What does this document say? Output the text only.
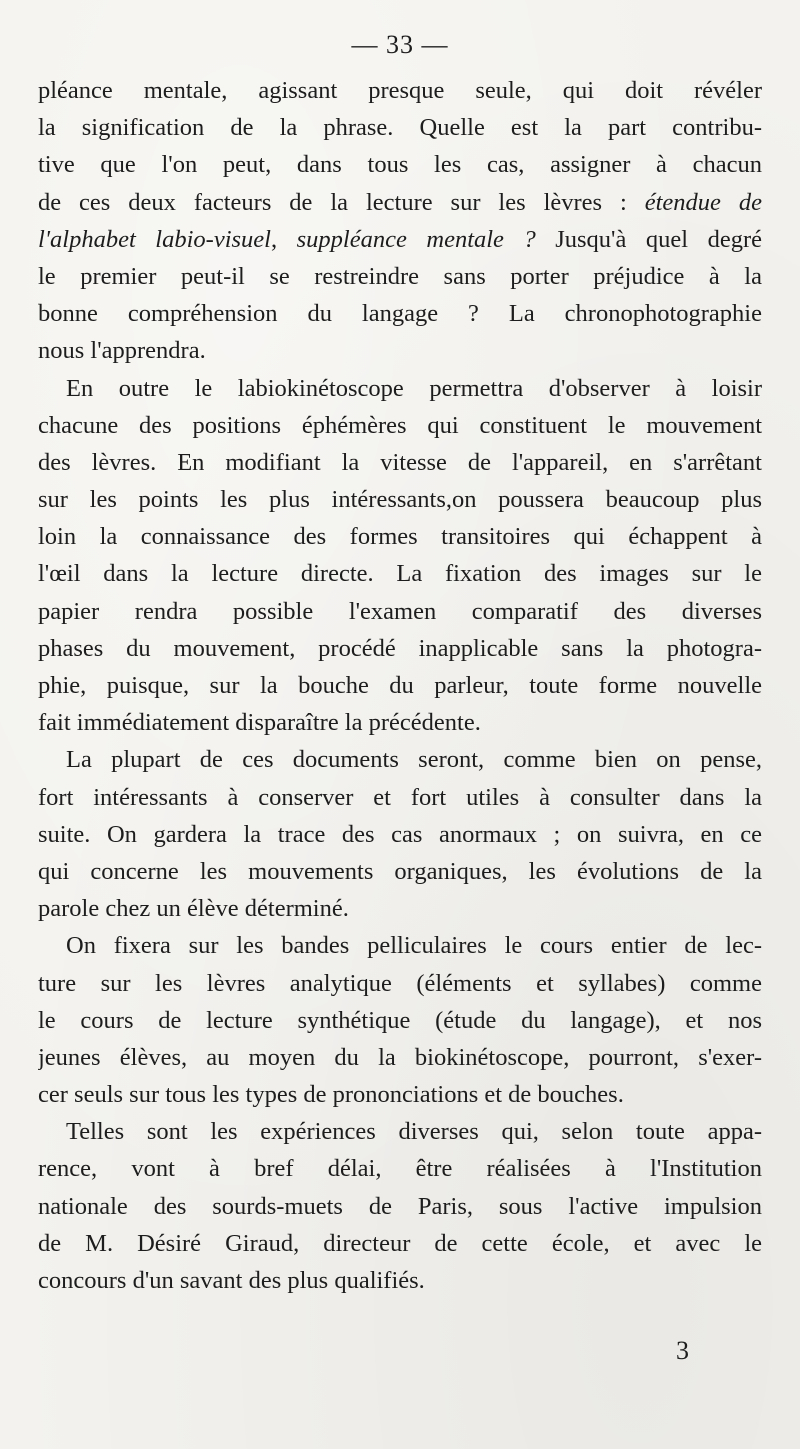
— 33 —
pléance mentale, agissant presque seule, qui doit révéler
la signification de la phrase. Quelle est la part contribu-
tive que l'on peut, dans tous les cas, assigner à chacun
de ces deux facteurs de la lecture sur les lèvres : étendue de
l'alphabet labio-visuel, suppléance mentale ? Jusqu'à quel degré
le premier peut-il se restreindre sans porter préjudice à la
bonne compréhension du langage ? La chronophotographie
nous l'apprendra.
En outre le labiokinétoscope permettra d'observer à loisir
chacune des positions éphémères qui constituent le mouvement
des lèvres. En modifiant la vitesse de l'appareil, en s'arrêtant
sur les points les plus intéressants,on poussera beaucoup plus
loin la connaissance des formes transitoires qui échappent à
l'œil dans la lecture directe. La fixation des images sur le
papier rendra possible l'examen comparatif des diverses
phases du mouvement, procédé inapplicable sans la photogra-
phie, puisque, sur la bouche du parleur, toute forme nouvelle
fait immédiatement disparaître la précédente.
La plupart de ces documents seront, comme bien on pense,
fort intéressants à conserver et fort utiles à consulter dans la
suite. On gardera la trace des cas anormaux ; on suivra, en ce
qui concerne les mouvements organiques, les évolutions de la
parole chez un élève déterminé.
On fixera sur les bandes pelliculaires le cours entier de lec-
ture sur les lèvres analytique (éléments et syllabes) comme
le cours de lecture synthétique (étude du langage), et nos
jeunes élèves, au moyen du la biokinétoscope, pourront, s'exer-
cer seuls sur tous les types de prononciations et de bouches.
Telles sont les expériences diverses qui, selon toute appa-
rence, vont à bref délai, être réalisées à l'Institution
nationale des sourds-muets de Paris, sous l'active impulsion
de M. Désiré Giraud, directeur de cette école, et avec le
concours d'un savant des plus qualifiés.
3
